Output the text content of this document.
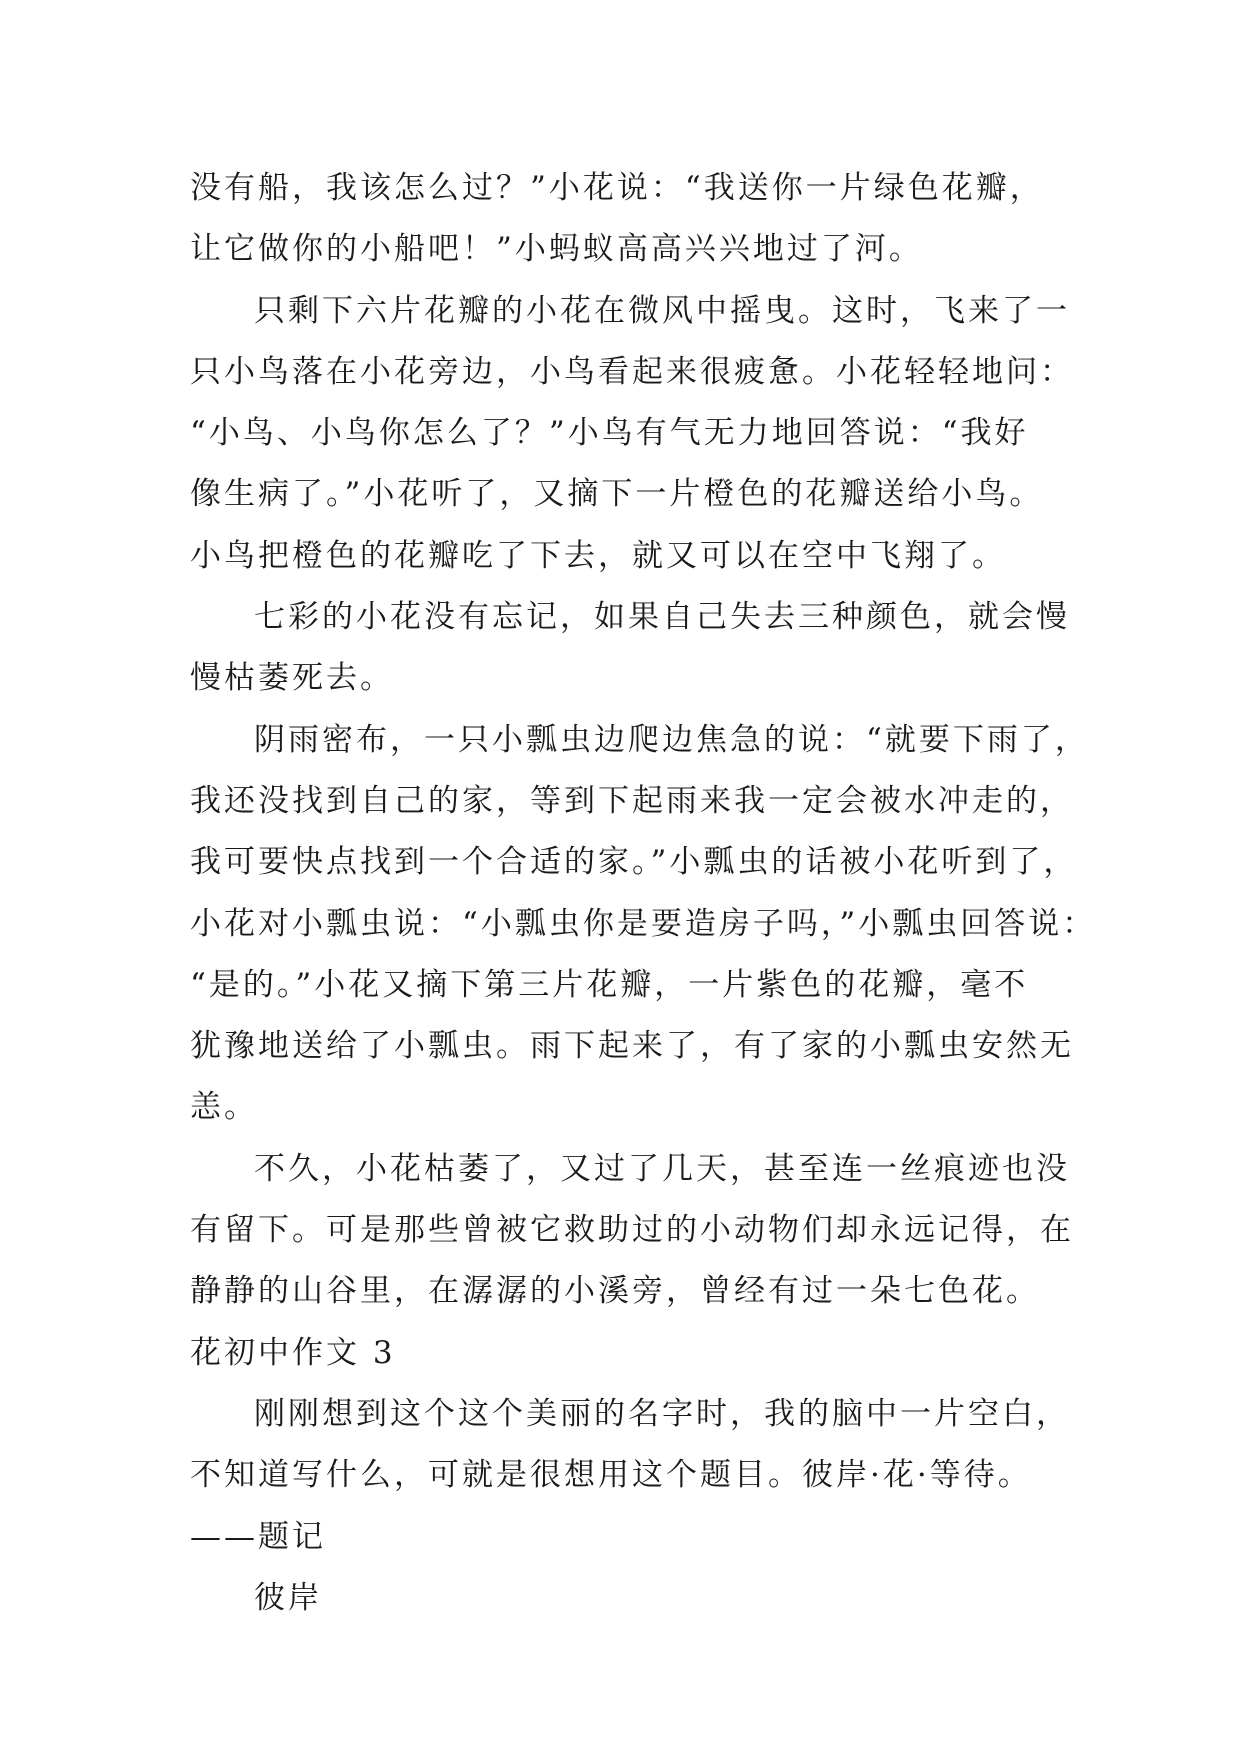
没有船，我该怎么过？”小花说：“我送你一片绿色花瓣，
让它做你的小船吧！”小蚂蚁高高兴兴地过了河。
只剩下六片花瓣的小花在微风中摇曳。这时，飞来了一
只小鸟落在小花旁边，小鸟看起来很疲惫。小花轻轻地问：
“小鸟、小鸟你怎么了？”小鸟有气无力地回答说：“我好
像生病了。”小花听了，又摘下一片橙色的花瓣送给小鸟。
小鸟把橙色的花瓣吃了下去，就又可以在空中飞翔了。
七彩的小花没有忘记，如果自己失去三种颜色，就会慢
慢枯萎死去。
阴雨密布，一只小瓢虫边爬边焦急的说：“就要下雨了，
我还没找到自己的家，等到下起雨来我一定会被水冲走的，
我可要快点找到一个合适的家。”小瓢虫的话被小花听到了，
小花对小瓢虫说：“小瓢虫你是要造房子吗，”小瓢虫回答说：
“是的。”小花又摘下第三片花瓣，一片紫色的花瓣，毫不
犹豫地送给了小瓢虫。雨下起来了，有了家的小瓢虫安然无
恙。
不久，小花枯萎了，又过了几天，甚至连一丝痕迹也没
有留下。可是那些曾被它救助过的小动物们却永远记得，在
静静的山谷里，在潺潺的小溪旁，曾经有过一朵七色花。
花初中作文 3
刚刚想到这个这个美丽的名字时，我的脑中一片空白，
不知道写什么，可就是很想用这个题目。彼岸·花·等待。
——题记
彼岸
